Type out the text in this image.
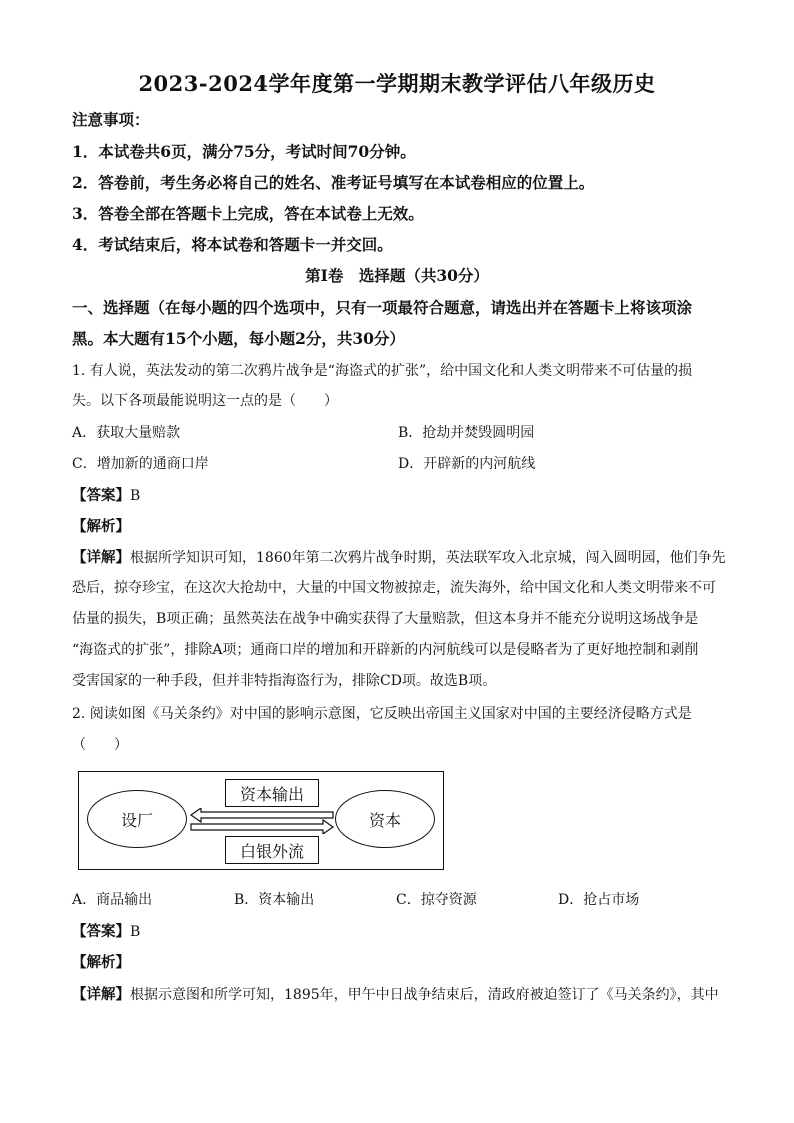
2023-2024学年度第一学期期末教学评估八年级历史
注意事项：
1．本试卷共6页，满分75分，考试时间70分钟。
2．答卷前，考生务必将自己的姓名、准考证号填写在本试卷相应的位置上。
3．答卷全部在答题卡上完成，答在本试卷上无效。
4．考试结束后，将本试卷和答题卡一并交回。
第Ⅰ卷　选择题（共30分）
一、选择题（在每小题的四个选项中，只有一项最符合题意，请选出并在答题卡上将该项涂
黑。本大题有15个小题，每小题2分，共30分）
1. 有人说，英法发动的第二次鸦片战争是“海盗式的扩张”，给中国文化和人类文明带来不可估量的损
失。以下各项最能说明这一点的是（　　）
A．获取大量赔款	B．抢劫并焚毁圆明园
C．增加新的通商口岸	D．开辟新的内河航线
【答案】B
【解析】
【详解】根据所学知识可知，1860年第二次鸦片战争时期，英法联军攻入北京城，闯入圆明园，他们争先
恐后，掠夺珍宝，在这次大抢劫中，大量的中国文物被掠走，流失海外，给中国文化和人类文明带来不可
估量的损失，B项正确；虽然英法在战争中确实获得了大量赔款，但这本身并不能充分说明这场战争是
“海盗式的扩张”，排除A项；通商口岸的增加和开辟新的内河航线可以是侵略者为了更好地控制和剥削
受害国家的一种手段，但并非特指海盗行为，排除CD项。故选B项。
2. 阅读如图《马关条约》对中国的影响示意图，它反映出帝国主义国家对中国的主要经济侵略方式是
（　　）
设厂	资本
资本输出
白银外流
A．商品输出	B．资本输出	C．掠夺资源	D．抢占市场
【答案】B
【解析】
【详解】根据示意图和所学可知，1895年，甲午中日战争结束后，清政府被迫签订了《马关条约》，其中
